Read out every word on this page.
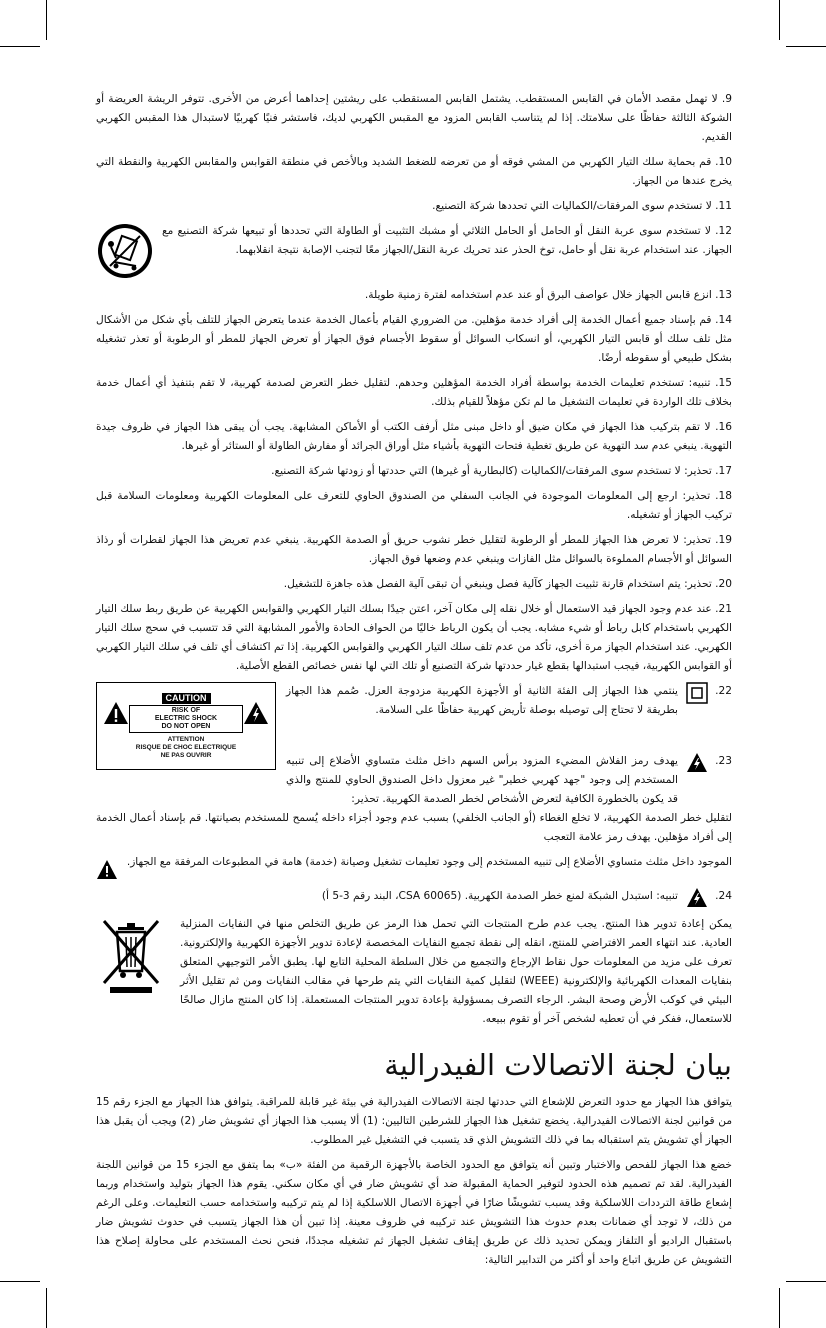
9. لا تهمل مقصد الأمان في القابس المستقطب. يشتمل القابس المستقطب على ريشتين إحداهما أعرض من الأخرى. تتوفر الريشة العريضة أو الشوكة الثالثة حفاظًا على سلامتك. إذا لم يتناسب القابس المزود مع المقبس الكهربي لديك، فاستشر فنيًا كهربيًا لاستبدال هذا المقبس الكهربي القديم.

10. قم بحماية سلك التيار الكهربي من المشي فوقه أو من تعرضه للضغط الشديد وبالأخص في منطقة القوابس والمقابس الكهربية والنقطة التي يخرج عندها من الجهاز.

11. لا تستخدم سوى المرفقات/الكماليات التي تحددها شركة التصنيع.

12. لا تستخدم سوى عربة النقل أو الحامل أو الحامل الثلاثي أو مشبك التثبيت أو الطاولة التي تحددها أو تبيعها شركة التصنيع مع الجهاز. عند استخدام عربة نقل أو حامل، توخ الحذر عند تحريك عربة النقل/الجهاز معًا لتجنب الإصابة نتيجة انقلابهما.

13. انزع قابس الجهاز خلال عواصف البرق أو عند عدم استخدامه لفترة زمنية طويلة.

14. قم بإسناد جميع أعمال الخدمة إلى أفراد خدمة مؤهلين. من الضروري القيام بأعمال الخدمة عندما يتعرض الجهاز للتلف بأي شكل من الأشكال مثل تلف سلك أو قابس التيار الكهربي، أو انسكاب السوائل أو سقوط الأجسام فوق الجهاز أو تعرض الجهاز للمطر أو الرطوبة أو تعذر تشغيله بشكل طبيعي أو سقوطه أرضًا.

15. تنبيه: تستخدم تعليمات الخدمة بواسطة أفراد الخدمة المؤهلين وحدهم. لتقليل خطر التعرض لصدمة كهربية، لا تقم بتنفيذ أي أعمال خدمة بخلاف تلك الواردة في تعليمات التشغيل ما لم تكن مؤهلاً للقيام بذلك.

16. لا تقم بتركيب هذا الجهاز في مكان ضيق أو داخل مبنى مثل أرفف الكتب أو الأماكن المشابهة. يجب أن يبقى هذا الجهاز في ظروف جيدة التهوية. ينبغي عدم سد التهوية عن طريق تغطية فتحات التهوية بأشياء مثل أوراق الجرائد أو مفارش الطاولة أو الستائر أو غيرها.

17. تحذير: لا تستخدم سوى المرفقات/الكماليات (كالبطارية أو غيرها) التي حددتها أو زودتها شركة التصنيع.

18. تحذير: ارجع إلى المعلومات الموجودة في الجانب السفلي من الصندوق الحاوي للتعرف على المعلومات الكهربية ومعلومات السلامة قبل تركيب الجهاز أو تشغيله.

19. تحذير: لا تعرض هذا الجهاز للمطر أو الرطوبة لتقليل خطر نشوب حريق أو الصدمة الكهربية. ينبغي عدم تعريض هذا الجهاز لقطرات أو رذاذ السوائل أو الأجسام المملوءة بالسوائل مثل الفازات وينبغي عدم وضعها فوق الجهاز.

20. تحذير: يتم استخدام قارنة تثبيت الجهاز كآلية فصل وينبغي أن تبقى آلية الفصل هذه جاهزة للتشغيل.

21. عند عدم وجود الجهاز قيد الاستعمال أو خلال نقله إلى مكان آخر، اعتن جيدًا بسلك التيار الكهربي والقوابس الكهربية عن طريق ربط سلك التيار الكهربي باستخدام كابل رباط أو شيء مشابه. يجب أن يكون الرباط خاليًا من الحواف الحادة والأمور المشابهة التي قد تتسبب في سحج سلك التيار الكهربي. عند استخدام الجهاز مرة أخرى، تأكد من عدم تلف سلك التيار الكهربي والقوابس الكهربية. إذا تم اكتشاف أي تلف في سلك التيار الكهربي أو القوابس الكهربية، فيجب استبدالها بقطع غيار حددتها شركة التصنيع أو تلك التي لها نفس خصائص القطع الأصلية.

22.

ينتمي هذا الجهاز إلى الفئة الثانية أو الأجهزة الكهربية مزدوجة العزل. صُمم هذا الجهاز بطريقة لا تحتاج إلى توصيله بوصلة تأريض كهربية حفاظًا على السلامة.

CAUTION
RISK OF
ELECTRIC SHOCK
DO NOT OPEN
ATTENTION
RISQUE DE CHOC ELECTRIQUE
NE PAS OUVRIR	23.

يهدف رمز الفلاش المضيء المزود برأس السهم داخل مثلث متساوي الأضلاع إلى تنبيه المستخدم إلى وجود "جهد كهربي خطير" غير معزول داخل الصندوق الحاوي للمنتج والذي قد يكون بالخطورة الكافية لتعرض الأشخاص لخطر الصدمة الكهربية. تحذير:

لتقليل خطر الصدمة الكهربية، لا تخلع الغطاء (أو الجانب الخلفي) بسبب عدم وجود أجزاء داخله يُسمح للمستخدم بصيانتها. قم بإسناد أعمال الخدمة إلى أفراد مؤهلين. يهدف رمز علامة التعجب

الموجود داخل مثلث متساوي الأضلاع إلى تنبيه المستخدم إلى وجود تعليمات تشغيل وصيانة (خدمة) هامة في المطبوعات المرفقة مع الجهاز.

24.

تنبيه: استبدل الشبكة لمنع خطر الصدمة الكهربية. (CSA 60065، البند رقم 3-5 أ)

يمكن إعادة تدوير هذا المنتج. يجب عدم طرح المنتجات التي تحمل هذا الرمز عن طريق التخلص منها في النفايات المنزلية العادية. عند انتهاء العمر الافتراضي للمنتج، انقله إلى نقطة تجميع النفايات المخصصة لإعادة تدوير الأجهزة الكهربية والإلكترونية. تعرف على مزيد من المعلومات حول نقاط الإرجاع والتجميع من خلال السلطة المحلية التابع لها. يطبق الأمر التوجيهي المتعلق بنفايات المعدات الكهربائية والإلكترونية (WEEE) لتقليل كمية النفايات التي يتم طرحها في مقالب النفايات ومن ثم تقليل الأثر البيئي في كوكب الأرض وصحة البشر. الرجاء التصرف بمسؤولية بإعادة تدوير المنتجات المستعملة. إذا كان المنتج مازال صالحًا للاستعمال، ففكر في أن تعطيه لشخص آخر أو تقوم ببيعه.

بيان لجنة الاتصالات الفيدرالية

يتوافق هذا الجهاز مع حدود التعرض للإشعاع التي حددتها لجنة الاتصالات الفيدرالية في بيئة غير قابلة للمراقبة. يتوافق هذا الجهاز مع الجزء رقم 15 من قوانين لجنة الاتصالات الفيدرالية. يخضع تشغيل هذا الجهاز للشرطين التاليين: (1) ألا يسبب هذا الجهاز أي تشويش ضار (2) ويجب أن يقبل هذا الجهاز أي تشويش يتم استقباله بما في ذلك التشويش الذي قد يتسبب في التشغيل غير المطلوب.

خضع هذا الجهاز للفحص والاختبار وتبين أنه يتوافق مع الحدود الخاصة بالأجهزة الرقمية من الفئة «ب» بما يتفق مع الجزء 15 من قوانين اللجنة الفيدرالية. لقد تم تصميم هذه الحدود لتوفير الحماية المقبولة ضد أي تشويش ضار في أي مكان سكني. يقوم هذا الجهاز بتوليد واستخدام وربما إشعاع طاقة الترددات اللاسلكية وقد يسبب تشويشًا ضارًا في أجهزة الاتصال اللاسلكية إذا لم يتم تركيبه واستخدامه حسب التعليمات. وعلى الرغم من ذلك، لا توجد أي ضمانات بعدم حدوث هذا التشويش عند تركيبه في ظروف معينة. إذا تبين أن هذا الجهاز يتسبب في حدوث تشويش ضار باستقبال الراديو أو التلفاز ويمكن تحديد ذلك عن طريق إيقاف تشغيل الجهاز ثم تشغيله مجددًا، فنحن نحث المستخدم على محاولة إصلاح هذا التشويش عن طريق اتباع واحد أو أكثر من التدابير التالية:
